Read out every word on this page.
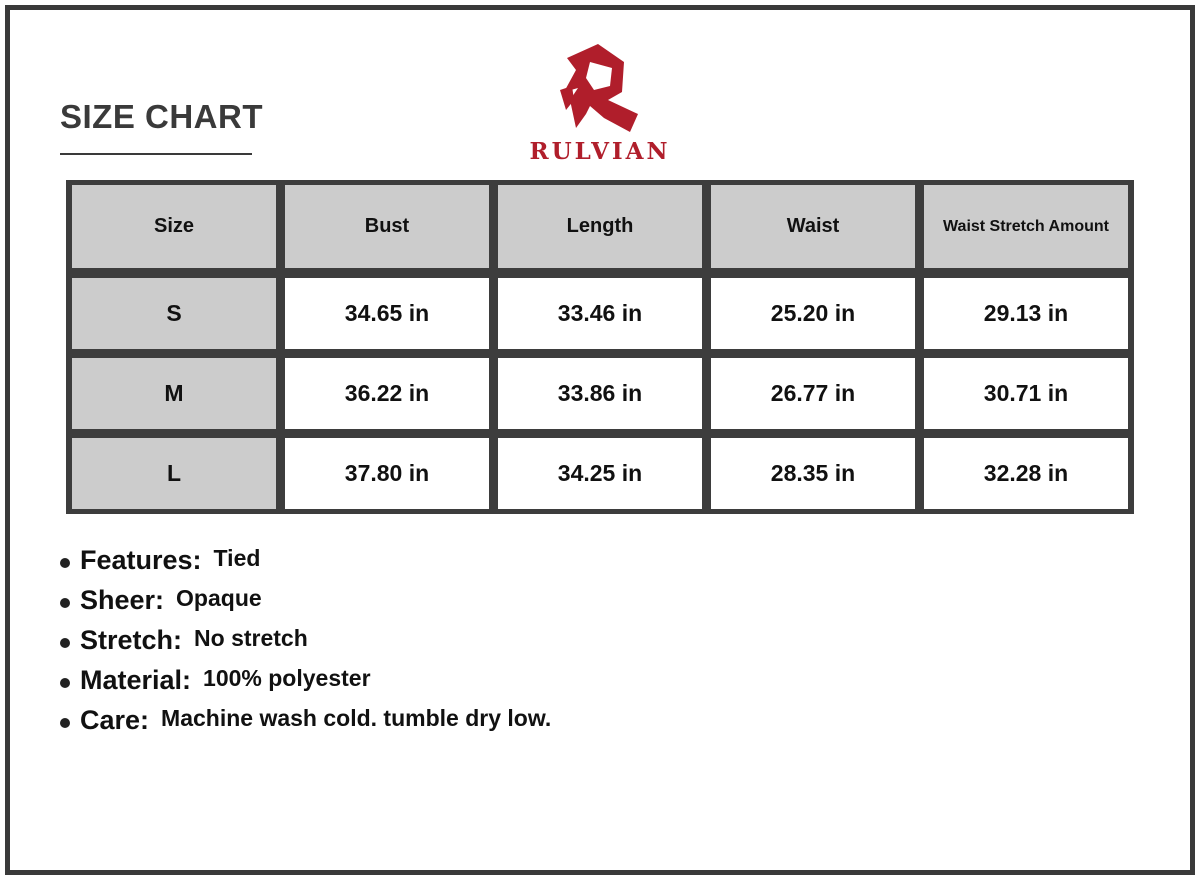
SIZE CHART
RULVIAN
Size	Bust	Length	Waist	Waist Stretch Amount
S	34.65 in	33.46 in	25.20 in	29.13 in
M	36.22 in	33.86 in	26.77 in	30.71 in
L	37.80 in	34.25 in	28.35 in	32.28 in
Features: Tied
Sheer: Opaque
Stretch: No stretch
Material: 100% polyester
Care: Machine wash cold. tumble dry low.
